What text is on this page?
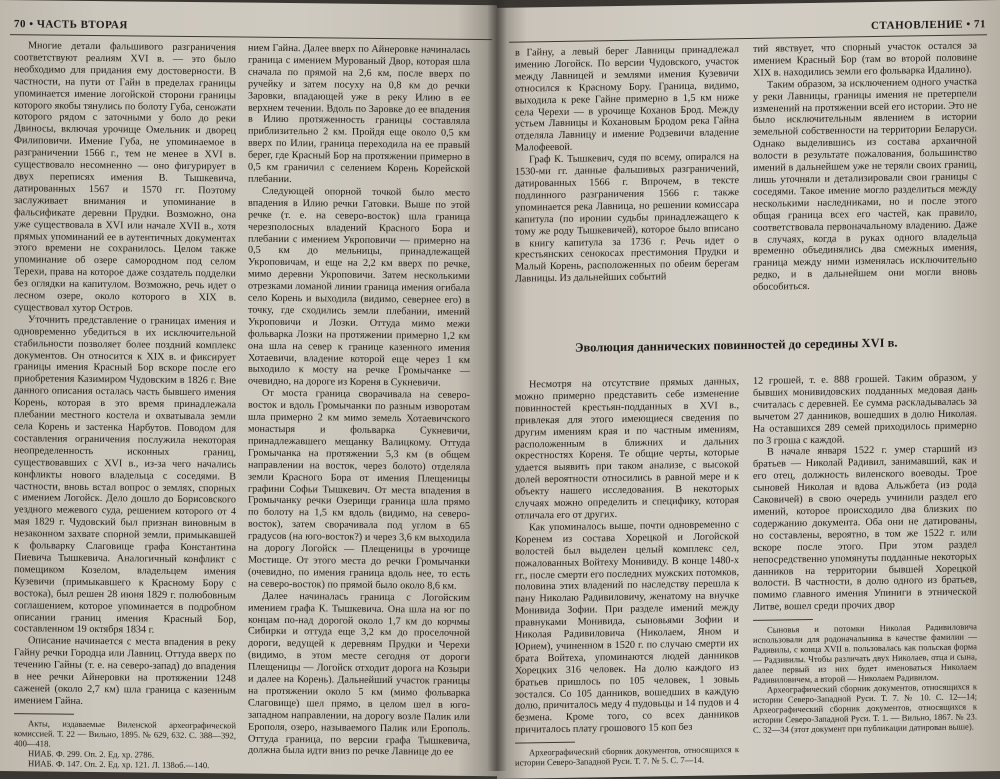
70 • ЧАСТЬ ВТОРАЯ

Многие детали фальшивого разграничения соответствуют реалиям XVI в. — это было необходимо для придания ему достоверности. В частности, на пути от Гайн в пределах границы упоминается имение логойской сторони границы которого якобы тянулись по болоту Губа, сеножати которого рядом с заточными у боло до реки Двиносы, включая урочище Омельник и дворец Филиповичи. Имение Губа, не упоминаемое в разграничении 1566 г., тем не менее в XVI в. существовало несомненно — оно фигурирует в двух переписях имения В. Тышкевича, датированных 1567 и 1570 гг. Поэтому заслуживает внимания и упоминание в фальсификате деревни Прудки. Возможно, она уже существовала в XVI или начале XVII в., хотя прямых упоминаний ее в аутентичных документах этого времени не сохранилось. Целом также упоминание об озере самородном под селом Терехи, права на которое даже создатель подделки без оглядки на капитулом. Возможно, речь идет о лесном озере, около которого в XIX в. существовал хутор Остров.

Уточнить представление о границах имения и одновременно убедиться в их исключительной стабильности позволяет более поздний комплекс документов. Он относится к XIX в. и фиксирует границы имения Красный Бор вскоре после его приобретения Казимиром Чудовским в 1826 г. Вне данного описания осталась часть бывшего имения Корень, которая в это время принадлежала плебании местного костела и охватывала земли села Корень и застенка Нарбутов. Поводом для составления ограничения послужила некоторая неопределенность исконных границ, существовавших с XVI в., из-за чего начались конфликты нового владельца с соседями. В частности, вновь встал вопрос о землях, спорных с имением Логойск. Дело дошло до Борисовского уездного межевого суда, решением которого от 4 мая 1829 г. Чудовский был признан виновным в незаконном захвате спорной земли, примыкавшей к фольварку Слаговище графа Константина Пиевича Тышкевича. Аналогичный конфликт с помещиком Козелом, владельцем имения Кузевичи (примыкавшего к Красному Бору с востока), был решен 28 июня 1829 г. полюбовным соглашением, которое упоминается в подробном описании границ имения Красный Бор, составленном 19 октября 1834 г.

Описание начинается с места впадения в реку Гайну речки Городца или Лавниц. Оттуда вверх по течению Гайны (т. е. на северо-запад) до впадения в нее речки Айнеровки на протяжении 1248 саженей (около 2,7 км) шла граница с казенным имением Гайна.

Акты, издаваемые Виленской археографической комиссией. Т. 22 — Вильно, 1895. № 629, 632. С. 388—392, 400—418.

НИАБ. Ф. 299. Оп. 2. Ед. хр. 2786.

НИАБ. Ф. 147. Оп. 2. Ед. хр. 121. Л. 138об.—140.

нием Гайна. Далее вверх по Айнеровке начиналась граница с имением Мурованый Двор, которая шла сначала по прямой на 2,6 км, после вверх по ручейку и затем посуху на 0,8 км до речки Заровки, впадающей уже в реку Илию в ее верхнем течении. Вдоль по Заровке до ее впадения в Илию протяженность границы составляла приблизительно 2 км. Пройдя еще около 0,5 км вверх по Илии, граница переходила на ее правый берег, где Красный Бор на протяжении примерно в 0,5 км граничил с селением Корень Корейской плебании.

Следующей опорной точкой было место впадения в Илию речки Гатовки. Выше по этой речке (т. е. на северо-восток) шла граница черезполосных владений Красного Бора и плебании с имением Укроповичи — примерно на 0,5 км до мельницы, принадлежащей Укроповичам, и еще на 2,2 км вверх по речке, мимо деревни Укроповичи. Затем несколькими отрезками ломаной линии граница имения огибала село Корень и выходила (видимо, севернее его) в точку, где сходились земли плебании, имений Укроповичи и Лозки. Оттуда мимо межи фольварка Лозки на протяжении примерно 1,2 км она шла на север к границе казенного имения Хотаевичи, владение которой еще через 1 км выходило к мосту на речке Громычанке — очевидно, на дороге из Кореня в Сукневичи.

От моста граница сворачивала на северо-восток и вдоль Громычанки по разным изворотам шла примерно 2 км мимо земель Хотаевичского монастыря и фольварка Сукневичи, принадлежавшего мещанку Валицкому. Оттуда Громычанка на протяжении 5,3 км (в общем направлении на восток, через болото) отделяла земли Красного Бора от имения Плещеницы графини Софьи Тышкевич. От места впадения в Громычанку речки Озерищи граница шла прямо по болоту на 1,5 км вдоль (видимо, на северо-восток), затем сворачивала под углом в 65 градусов (на юго-восток?) и через 3,6 км выходила на дорогу Логойск — Плещеницы в урочище Мостище. От этого места до речки Громычанки (очевидно, по имения граница вдоль нее, то есть на северо-восток) по прямой было около 8,6 км.

Далее начиналась граница с Логойским имением графа К. Тышкевича. Она шла на юг по концам по-над дорогой около 1,7 км до корчмы Сибирки и оттуда еще 3,2 км до проселочной дороги, ведущей к деревням Прудки и Черехи (видимо, в этом месте сегодня от дороги Плещеницы — Логойск отходит дорога на Козыри и далее на Корень). Дальнейший участок границы на протяжении около 5 км (мимо фольварка Слаговище) шел прямо, в целом шел в юго-западном направлении, на дорогу возле Палик или Ерополя, озеро, называемого Палик или Ерополь. Оттуда граница, по версии графа Тышкевича, должна была идти вниз по речке Лавнице до ее

СТАНОВЛЕНИЕ • 71

в Гайну, а левый берег Лавницы принадлежал имению Логойск. По версии Чудовского, участок между Лавницей и землями имения Кузевичи относился к Красному Бору. Граница, видимо, выходила к реке Гайне примерно в 1,5 км ниже села Черехи — в урочище Коханов Брод. Между устьем Лавницы и Кохановым Бродом река Гайна отделяла Лавницу и имение Родзевичи владение Малофеевой.

Граф К. Тышкевич, судя по всему, опирался на 1530-ми гг. данные фальшивых разграничений, датированных 1566 г. Впрочем, в тексте подлинного разграничения 1566 г. также упоминается река Лавница, но решении комиссара капитула (по иронии судьбы принадлежащего к тому же роду Тышкевичей), которое было вписано в книгу капитула за 1736 г. Речь идет о крестьянских сенокосах престимония Прудки и Малый Корень, расположенных по обеим берегам Лавницы. Из дальнейших событий

тий явствует, что спорный участок остался за имением Красный Бор (там во второй половине XIX в. находились земли его фольварка Идалино).

Таким образом, за исключением одного участка у реки Лавницы, границы имения не претерпели изменений на протяжении всей его истории. Это не было исключительным явлением в истории земельной собственности на территории Беларуси. Однако выделившись из состава архаичной волости в результате пожалования, большинство имений в дальнейшем уже не теряли своих границ, лишь уточняли и детализировали свои границы с соседями. Такое имение могло разделиться между несколькими наследниками, но и после этого общая граница всех его частей, как правило, соответствовала первоначальному владению. Даже в случаях, когда в руках одного владельца временно объединялись два смежных имения, граница между ними изменялась исключительно редко, и в дальнейшем они могли вновь обособиться.

Эволюция даннических повинностей до середины XVI в.

Несмотря на отсутствие прямых данных, можно примерно представить себе изменение повинностей крестьян-подданных в XVI в., привлекая для этого имеющиеся сведения по другим имениям края и по частным имениям, расположенным в ближних и дальних окрестностях Кореня. Те общие черты, которые удается выявить при таком анализе, с высокой долей вероятности относились в равной мере и к объекту нашего исследования. В некоторых случаях можно определить и специфику, которая отличала его от других.

Как упоминалось выше, почти одновременно с Коренем из состава Хорецкой и Логойской волостей был выделен целый комплекс сел, пожалованных Войтеху Монивиду. В конце 1480-х гг., после смерти его последних мужских потомков, половина этих владений по наследству перешла к пану Николаю Радивиловичу, женатому на внучке Монивида Зофии. При разделе имений между правнуками Монивида, сыновьями Зофии и Николая Радивиловича (Николаем, Яном и Юрием), учиненном в 1520 г. по случаю смерти их брата Войтеха, упоминаются людей данников Хорецких 316 человек. На долю каждого из братьев пришлось по 105 человек, 1 зовыь зостался. Со 105 данников, вошедших в каждую долю, причиталось меду 4 пудовьцы и 14 пудов и 4 безмена. Кроме того, со всех данников причиталось плату грошового 15 коп без

Археографический сборник документов, относящихся к истории Северо-Западной Руси. Т. 7. № 5. С. 7—14.

12 грошей, т. е. 888 грошей. Таким образом, у бывших монивидовских подданных медовая дань считалась с деревней. Ее сумма раскладывалась за вычетом 27 данников, вошедших в долю Николая. На оставшихся 289 семей приходилось примерно по 3 гроша с каждой.

В начале января 1522 г. умер старший из братьев — Николай Радивил, занимавший, как и его отец, должность виленского воеводы. Трое сыновей Николая и вдова Альжбета (из рода Саковичей) в свою очередь учинили раздел его имений, которое происходило два близких по содержанию документа. Оба они не датированы, но составлены, вероятно, в том же 1522 г. или вскоре после этого. При этом раздел непосредственно упомянуты подданные некоторых данников на территории бывшей Хорецкой волости. В частности, в долю одного из братьев, помимо главного имения Упиниги в этнической Литве, вошел среди прочих двор

Сыновья и потомки Николая Радивиловича использовали для родоначальника в качестве фамилии — Радивилы, с конца XVII в. пользовалась как польская форма — Радзивилы. Чтобы различать двух Николаев, отца и сына, далее первый из них будет именоваться Николаем Радивиловичем, а второй — Николаем Радивилом.

Археографический сборник документов, относящихся к истории Северо-Западной Руси. Т. 7. № 10. С. 12—14; Археографический сборник документов, относящихся к истории Северо-Западной Руси. Т. 1. — Вильно, 1867. № 23. С. 32—34 (этот документ при публикации датирован выше).
